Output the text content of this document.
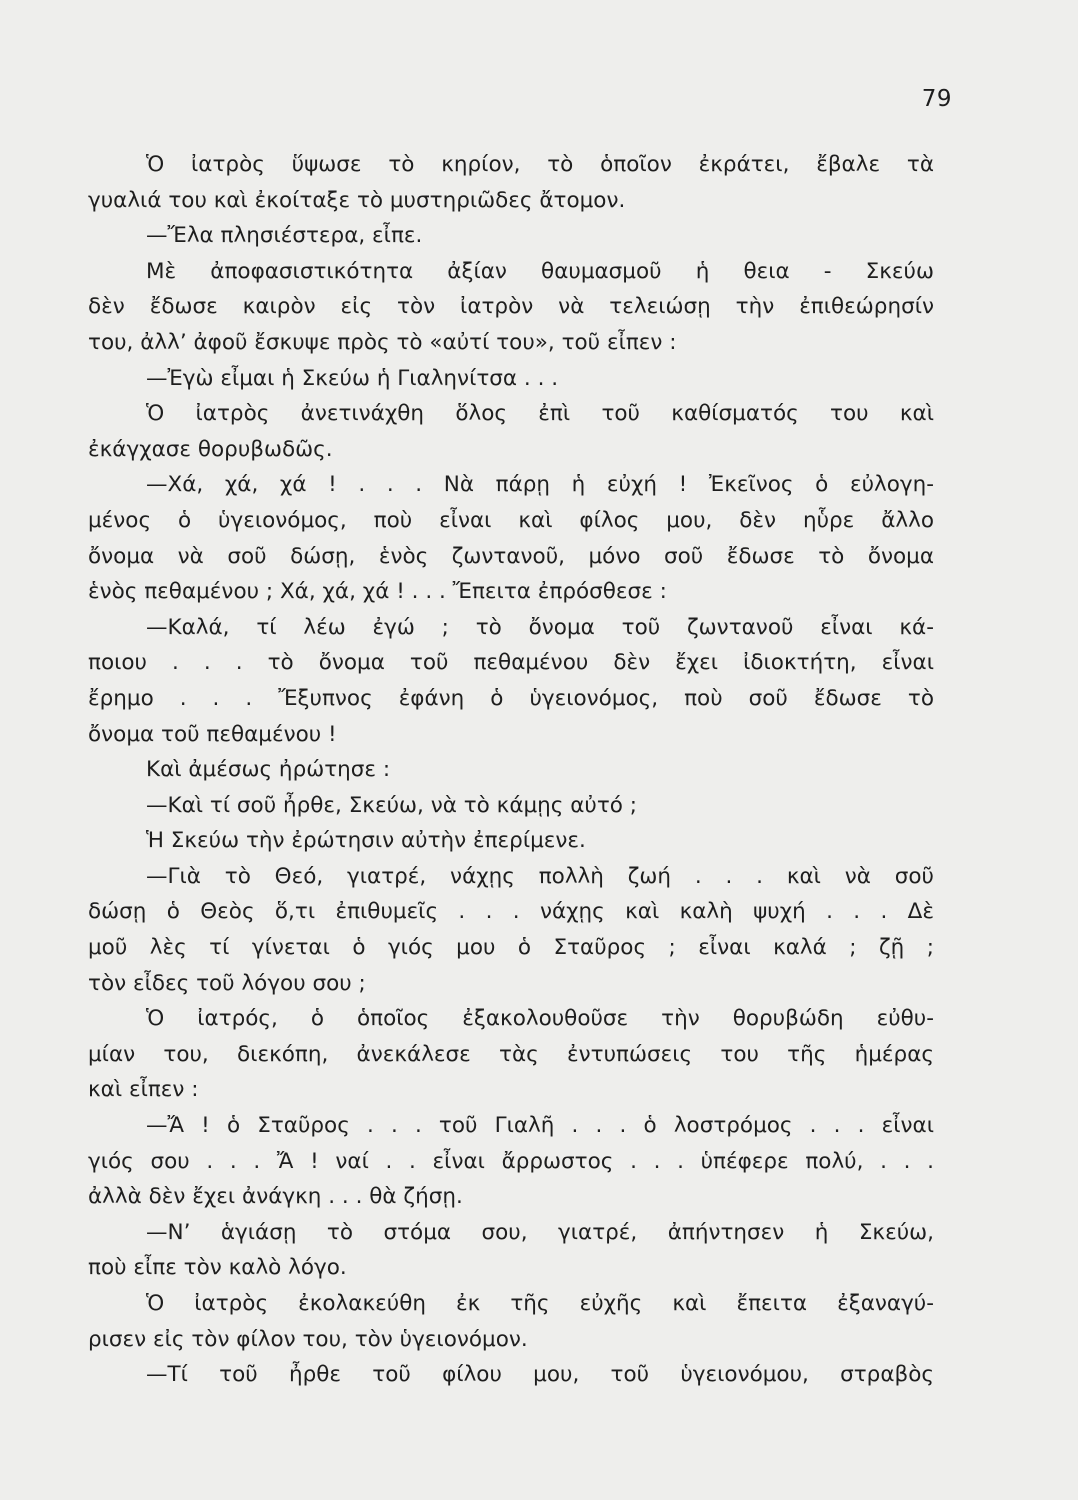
79
Ὁ ἰατρὸς ὕψωσε τὸ κηρίον, τὸ ὁποῖον ἐκράτει, ἔβαλε τὰ
γυαλιά του καὶ ἐκοίταξε τὸ μυστηριῶδες ἄτομον.
—Ἔλα πλησιέστερα, εἶπε.
Μὲ ἀποφασιστικότητα ἀξίαν θαυμασμοῦ ἡ θεια - Σκεύω
δὲν ἔδωσε καιρὸν εἰς τὸν ἰατρὸν νὰ τελειώσῃ τὴν ἐπιθεώρησίν
του, ἀλλ’ ἀφοῦ ἔσκυψε πρὸς τὸ «αὐτί του», τοῦ εἶπεν :
—Ἐγὼ εἶμαι ἡ Σκεύω ἡ Γιαληνίτσα . . .
Ὁ ἰατρὸς ἀνετινάχθη ὅλος ἐπὶ τοῦ καθίσματός του καὶ
ἐκάγχασε θορυβωδῶς.
—Χά, χά, χά ! . . . Νὰ πάρῃ ἡ εὐχή ! Ἐκεῖνος ὁ εὐλογη-
μένος ὁ ὑγειονόμος, ποὺ εἶναι καὶ φίλος μου, δὲν ηὗρε ἄλλο
ὄνομα νὰ σοῦ δώσῃ, ἑνὸς ζωντανοῦ, μόνο σοῦ ἔδωσε τὸ ὄνομα
ἑνὸς πεθαμένου ; Χά, χά, χά ! . . . Ἔπειτα ἐπρόσθεσε :
—Καλά, τί λέω ἐγώ ; τὸ ὄνομα τοῦ ζωντανοῦ εἶναι κά-
ποιου . . . τὸ ὄνομα τοῦ πεθαμένου δὲν ἔχει ἰδιοκτήτη, εἶναι
ἔρημο . . . Ἔξυπνος ἐφάνη ὁ ὑγειονόμος, ποὺ σοῦ ἔδωσε τὸ
ὄνομα τοῦ πεθαμένου !
Καὶ ἀμέσως ἠρώτησε :
—Καὶ τί σοῦ ἦρθε, Σκεύω, νὰ τὸ κάμῃς αὐτό ;
Ἡ Σκεύω τὴν ἐρώτησιν αὐτὴν ἐπερίμενε.
—Γιὰ τὸ Θεό, γιατρέ, νάχῃς πολλὴ ζωή . . . καὶ νὰ σοῦ
δώσῃ ὁ Θεὸς ὅ,τι ἐπιθυμεῖς . . . νάχῃς καὶ καλὴ ψυχή . . . Δὲ
μοῦ λὲς τί γίνεται ὁ γιός μου ὁ Σταῦρος ; εἶναι καλά ; ζῇ ;
τὸν εἶδες τοῦ λόγου σου ;
Ὁ ἰατρός, ὁ ὁποῖος ἐξακολουθοῦσε τὴν θορυβώδη εὐθυ-
μίαν του, διεκόπη, ἀνεκάλεσε τὰς ἐντυπώσεις του τῆς ἡμέρας
καὶ εἶπεν :
—Ἄ ! ὁ Σταῦρος . . . τοῦ Γιαλῆ . . . ὁ λοστρόμος . . . εἶναι
γιός σου . . . Ἄ ! ναί . . εἶναι ἄρρωστος . . . ὑπέφερε πολύ, . . .
ἀλλὰ δὲν ἔχει ἀνάγκη . . . θὰ ζήσῃ.
—Ν’ ἁγιάσῃ τὸ στόμα σου, γιατρέ, ἀπήντησεν ἡ Σκεύω,
ποὺ εἶπε τὸν καλὸ λόγο.
Ὁ ἰατρὸς ἐκολακεύθη ἐκ τῆς εὐχῆς καὶ ἔπειτα ἐξαναγύ-
ρισεν εἰς τὸν φίλον του, τὸν ὑγειονόμον.
—Τί τοῦ ἦρθε τοῦ φίλου μου, τοῦ ὑγειονόμου, στραβὸς
